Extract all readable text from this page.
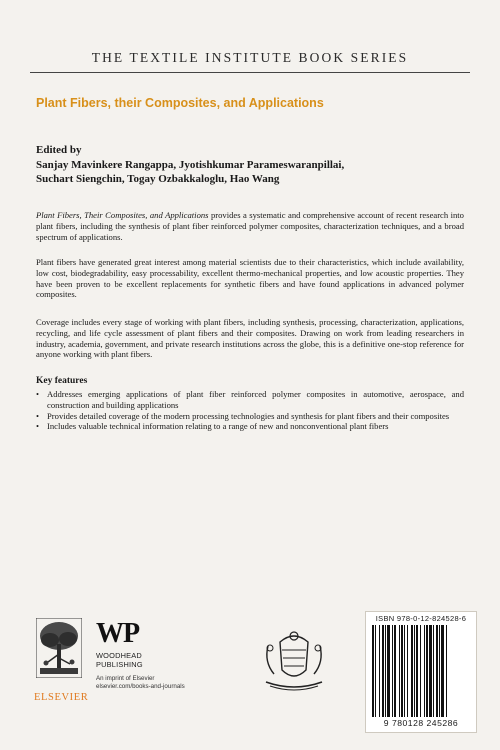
THE TEXTILE INSTITUTE BOOK SERIES
Plant Fibers, their Composites, and Applications
Edited by
Sanjay Mavinkere Rangappa, Jyotishkumar Parameswaranpillai,
Suchart Siengchin, Togay Ozbakkaloglu, Hao Wang
Plant Fibers, Their Composites, and Applications provides a systematic and comprehensive account of recent research into plant fibers, including the synthesis of plant fiber reinforced polymer composites, characterization techniques, and a broad spectrum of applications.
Plant fibers have generated great interest among material scientists due to their characteristics, which include availability, low cost, biodegradability, easy processability, excellent thermo-mechanical properties, and low acoustic properties. They have been proven to be excellent replacements for synthetic fibers and have found applications in advanced polymer composites.
Coverage includes every stage of working with plant fibers, including synthesis, processing, characterization, applications, recycling, and life cycle assessment of plant fibers and their composites. Drawing on work from leading researchers in industry, academia, government, and private research institutions across the globe, this is a definitive one-stop reference for anyone working with plant fibers.
Key features
• Addresses emerging applications of plant fiber reinforced polymer composites in automotive, aerospace, and construction and building applications
• Provides detailed coverage of the modern processing technologies and synthesis for plant fibers and their composites
• Includes valuable technical information relating to a range of new and nonconventional plant fibers
ELSEVIER
WP
WOODHEAD
PUBLISHING
An imprint of Elsevier
elsevier.com/books-and-journals
ISBN 978-0-12-824528-6
9 780128 245286
